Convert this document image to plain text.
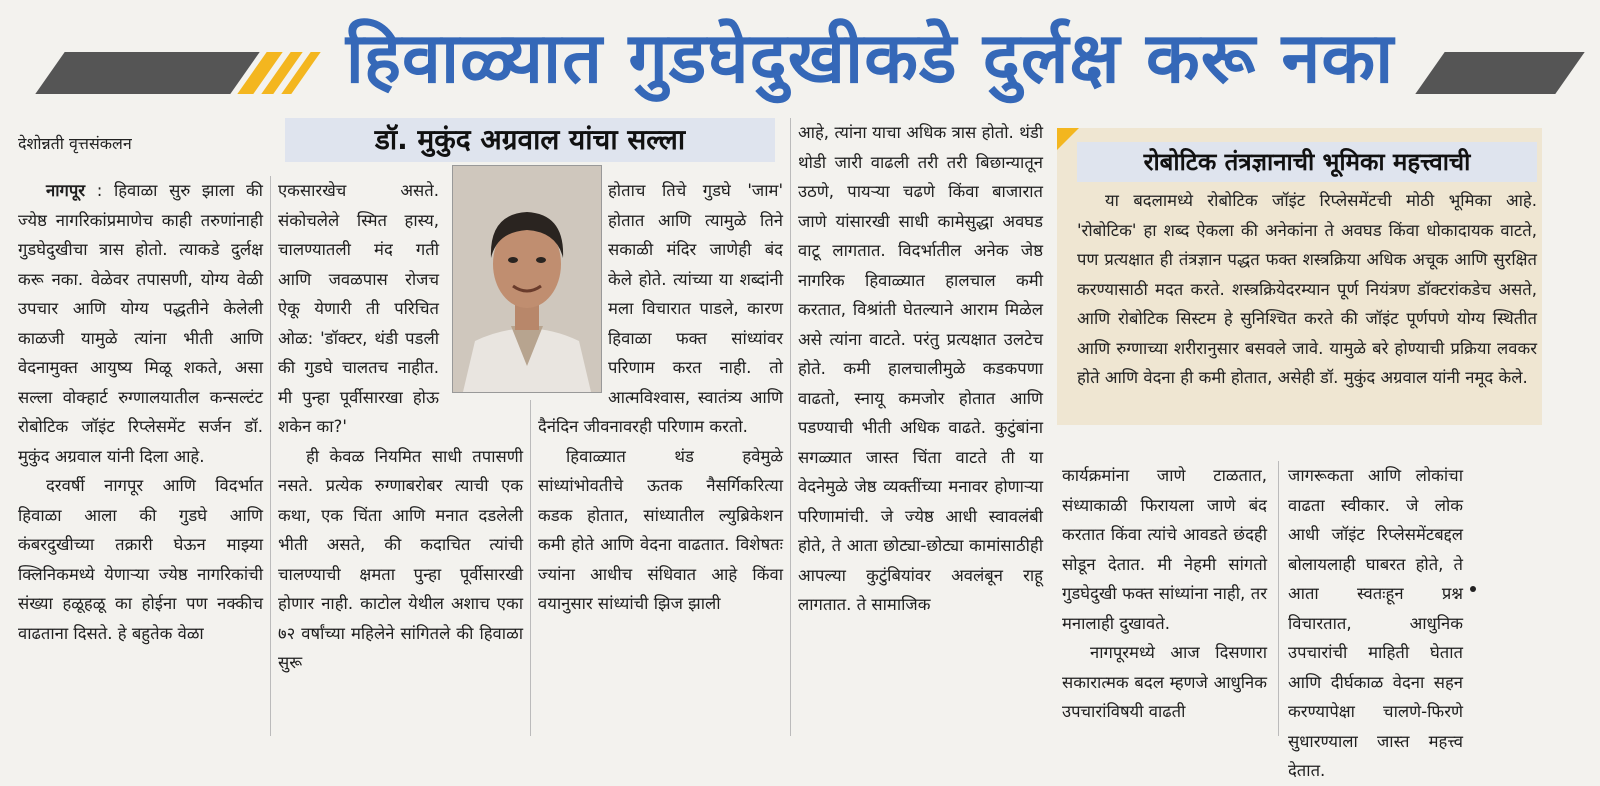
हिवाळ्यात गुडघेदुखीकडे दुर्लक्ष करू नका
देशोन्नती वृत्तसंकलन	डॉ. मुकुंद अग्रवाल यांचा सल्ला

नागपूर : हिवाळा सुरु झाला की ज्येष्ठ नागरिकांप्रमाणेच काही तरुणांनाही गुडघेदुखीचा त्रास होतो. त्याकडे दुर्लक्ष करू नका. वेळेवर तपासणी, योग्य वेळी उपचार आणि योग्य पद्धतीने केलेली काळजी यामुळे त्यांना भीती आणि वेदनामुक्त आयुष्य मिळू शकते, असा सल्ला वोक्हार्ट रुग्णालयातील कन्सल्टंट रोबोटिक जॉइंट रिप्लेसमेंट सर्जन डॉ. मुकुंद अग्रवाल यांनी दिला आहे.

दरवर्षी नागपूर आणि विदर्भात हिवाळा आला की गुडघे आणि कंबरदुखीच्या तक्रारी घेऊन माझ्या क्लिनिकमध्ये येणाऱ्या ज्येष्ठ नागरिकांची संख्या हळूहळू का होईना पण नक्कीच वाढताना दिसते. हे बहुतेक वेळा

एकसारखेच असते. संकोचलेले स्मित हास्य, चालण्यातली मंद गती आणि जवळपास रोजच ऐकू येणारी ती परिचित ओळ: 'डॉक्टर, थंडी पडली की गुडघे चालतच नाहीत. मी पुन्हा पूर्वीसारखा होऊ शकेन का?'

ही केवळ नियमित साधी तपासणी नसते. प्रत्येक रुग्णाबरोबर त्याची एक कथा, एक चिंता आणि मनात दडलेली भीती असते, की कदाचित त्यांची चालण्याची क्षमता पुन्हा पूर्वीसारखी होणार नाही. काटोल येथील अशाच एका ७२ वर्षांच्या महिलेने सांगितले की हिवाळा सुरू

होताच तिचे गुडघे 'जाम' होतात आणि त्यामुळे तिने सकाळी मंदिर जाणेही बंद केले होते. त्यांच्या या शब्दांनी मला विचारात पाडले, कारण हिवाळा फक्त सांध्यांवर परिणाम करत नाही. तो आत्मविश्वास, स्वातंत्र्य आणि दैनंदिन जीवनावरही परिणाम करतो.

हिवाळ्यात थंड हवेमुळे सांध्यांभोवतीचे ऊतक नैसर्गिकरित्या कडक होतात, सांध्यातील ल्युब्रिकेशन कमी होते आणि वेदना वाढतात. विशेषतः ज्यांना आधीच संधिवात आहे किंवा वयानुसार सांध्यांची झिज झाली

आहे, त्यांना याचा अधिक त्रास होतो. थंडी थोडी जारी वाढली तरी तरी बिछान्यातून उठणे, पायऱ्या चढणे किंवा बाजारात जाणे यांसारखी साधी कामेसुद्धा अवघड वाटू लागतात. विदर्भातील अनेक जेष्ठ नागरिक हिवाळ्यात हालचाल कमी करतात, विश्रांती घेतल्याने आराम मिळेल असे त्यांना वाटते. परंतु प्रत्यक्षात उलटेच होते. कमी हालचालीमुळे कडकपणा वाढतो, स्नायू कमजोर होतात आणि पडण्याची भीती अधिक वाढते. कुटुंबांना सगळ्यात जास्त चिंता वाटते ती या वेदनेमुळे जेष्ठ व्यक्तींच्या मनावर होणाऱ्या परिणामांची. जे ज्येष्ठ आधी स्वावलंबी होते, ते आता छोट्या-छोट्या कामांसाठीही आपल्या कुटुंबियांवर अवलंबून राहू लागतात. ते सामाजिक

रोबोटिक तंत्रज्ञानाची भूमिका महत्त्वाची
या बदलामध्ये रोबोटिक जॉइंट रिप्लेसमेंटची मोठी भूमिका आहे. 'रोबोटिक' हा शब्द ऐकला की अनेकांना ते अवघड किंवा धोकादायक वाटते, पण प्रत्यक्षात ही तंत्रज्ञान पद्धत फक्त शस्त्रक्रिया अधिक अचूक आणि सुरक्षित करण्यासाठी मदत करते. शस्त्रक्रियेदरम्यान पूर्ण नियंत्रण डॉक्टरांकडेच असते, आणि रोबोटिक सिस्टम हे सुनिश्चित करते की जॉइंट पूर्णपणे योग्य स्थितीत आणि रुग्णाच्या शरीरानुसार बसवले जावे. यामुळे बरे होण्याची प्रक्रिया लवकर होते आणि वेदना ही कमी होतात, असेही डॉ. मुकुंद अग्रवाल यांनी नमूद केले.

कार्यक्रमांना जाणे टाळतात, संध्याकाळी फिरायला जाणे बंद करतात किंवा त्यांचे आवडते छंदही सोडून देतात. मी नेहमी सांगतो गुडघेदुखी फक्त सांध्यांना नाही, तर मनालाही दुखावते.

नागपूरमध्ये आज दिसणारा सकारात्मक बदल म्हणजे आधुनिक उपचारांविषयी वाढती

जागरूकता आणि लोकांचा वाढता स्वीकार. जे लोक आधी जॉइंट रिप्लेसमेंटबद्दल बोलायलाही घाबरत होते, ते आता स्वतःहून प्रश्न विचारतात, आधुनिक उपचारांची माहिती घेतात आणि दीर्घकाळ वेदना सहन करण्यापेक्षा चालणे-फिरणे सुधारण्याला जास्त महत्त्व देतात.
